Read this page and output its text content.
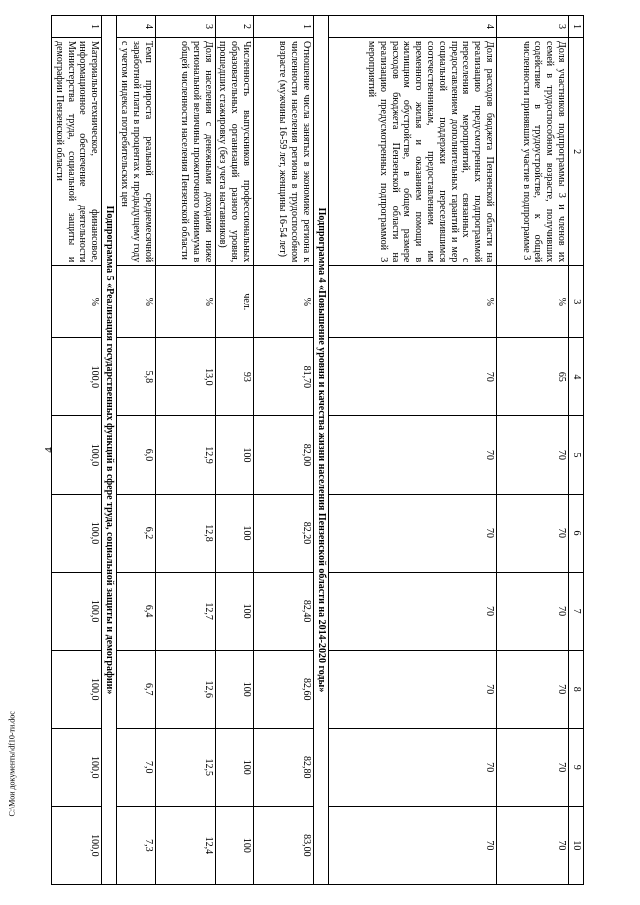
4
C:\Мои документы\df10-ти.doc
1	2	3	4	5	6	7	8	9	10
3	Доля участников подпрограммы 3 и членов их семей в трудоспособном возрасте, получивших содействие в трудоустройстве, к общей численности принявших участие в подпрограмме 3	%	65	70	70	70	70	70	70
4	Доля расходов бюджета Пензенской области на реализацию предусмотренных подпрограммой переселения мероприятий, связанных с предоставлением дополнительных гарантий и мер социальной поддержки переселившимся соотечественникам, предоставлением им временного жилья и оказанием помощи в жилищном обустройстве, в общем размере расходов бюджета Пензенской области на реализацию предусмотренных подпрограммой 3 мероприятий	%	70	70	70	70	70	70	70
Подпрограмма 4 «Повышение уровня и качества жизни населения Пензенской области на 2014-2020 годы»									
1	Отношение числа занятых в экономике региона к численности населения региона в трудоспособном возрасте (мужчины 16-59 лет, женщины 16-54 лет)	%	81,70	82,00	82,20	82,40	82,60	82,80	83,00
2	Численность выпускников профессиональных образовательных организаций разного уровня, прошедших стажировку (без учета наставников)	чел.	93	100	100	100	100	100	100
3	Доля населения с денежными доходами ниже региональной величины прожиточного минимума в общей численности населения Пензенской области	%	13,0	12,9	12,8	12,7	12,6	12,5	12,4
4	Темп прироста реальной среднемесячной заработной платы в процентах к предыдущему году с учетом индекса потребительских цен	%	5,8	6,0	6,2	6,4	6,7	7,0	7,3
Подпрограмма 5 «Реализация государственных функций в сфере труда, социальной защиты и демографии»									
1	Материально-техническое, финансовое, информационное обеспечение деятельности Министерства труда, социальной защиты и демографии Пензенской области	%	100,0	100,0	100,0	100,0	100,0	100,0	100,0
